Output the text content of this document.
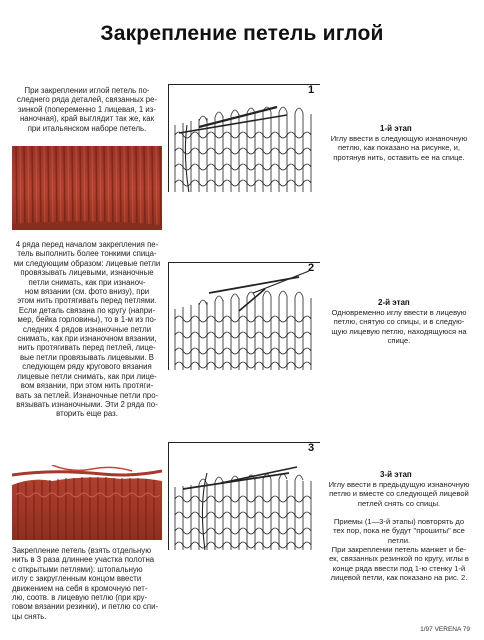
Закрепление петель иглой
При закреплении иглой петель по-
следнего ряда деталей, связанных ре-
зинкой (попеременно 1 лицевая, 1 из-
наночная), край выглядит так же, как
при итальянском наборе петель.
4 ряда перед началом закрепления пе-
тель выполнить более тонкими спица-
ми следующим образом: лицевые петли
провязывать лицевыми, изнаночные
петли снимать, как при изнаноч-
ном вязании (см. фото внизу), при
этом нить протягивать перед петлями.
Если деталь связана по кругу (напри-
мер, бейка горловины), то в 1-м из по-
следних 4 рядов изнаночные петли
снимать, как при изнаночном вязании,
нить протягивать перед петлей, лице-
вые петли провязывать лицевыми. В
следующем ряду кругового вязания
лицевые петли снимать, как при лице-
вом вязании, при этом нить протяги-
вать за петлей. Изнаночные петли про-
вязывать изнаночными. Эти 2 ряда по-
вторить еще раз.
Закрепление петель (взять отдельную
нить в 3 раза длиннее участка полотна
с открытыми петлями): штопальную
иглу с закругленным концом ввести
движением на себя в кромочную пет-
лю, соотв. в лицевую петлю (при кру-
говом вязании резинки), и петлю со спи-
цы снять.
1
1-й этап
Иглу ввести в следующую изнаночную
петлю, как показано на рисунке, и,
протянув нить, оставить ее на спице.
2
2-й этап
Одновременно иглу ввести в лицевую
петлю, снятую со спицы, и в следую-
щую лицевую петлю, находящуюся на
спице.
3
3-й этап
Иглу ввести в предыдущую изнаночную
петлю и вместе со следующей лицевой
петлей снять со спицы.

Приемы (1—3-й этапы) повторять до
тех пор, пока не будут "прошиты" все
петли.
При закреплении петель манжет и бе-
ек, связанных резинкой по кругу, иглы в
конце ряда ввести под 1-ю стенку 1-й
лицевой петли, как показано на рис. 2.
1/97 VERENA 79
